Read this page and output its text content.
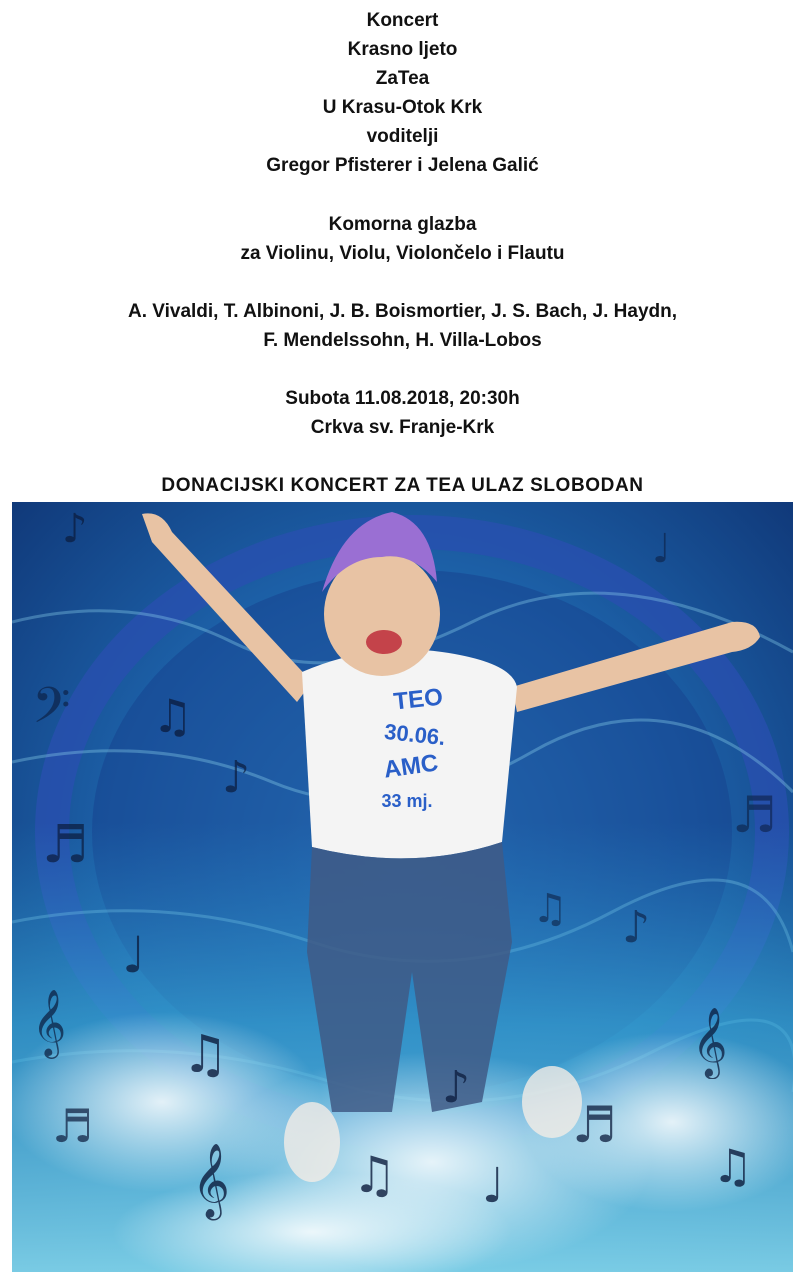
Koncert
Krasno ljeto
ZaTea
U Krasu-Otok Krk
voditelji
Gregor Pfisterer i Jelena Galić
Komorna glazba
za Violinu, Violu, Violončelo i Flautu
A. Vivaldi, T. Albinoni, J. B. Boismortier, J. S. Bach, J. Haydn,
F. Mendelssohn, H. Villa-Lobos
Subota 11.08.2018, 20:30h
Crkva sv. Franje-Krk
DONACIJSKI KONCERT ZA TEA ULAZ SLOBODAN
TEO
30.06.
AMC
33 mj.
♪
𝄢 ♫
♪
♬
♩
𝄞 ♫
♬
𝄞 ♫
♪
♩
♬
𝄞
♫
♪
♬
♩
♫
